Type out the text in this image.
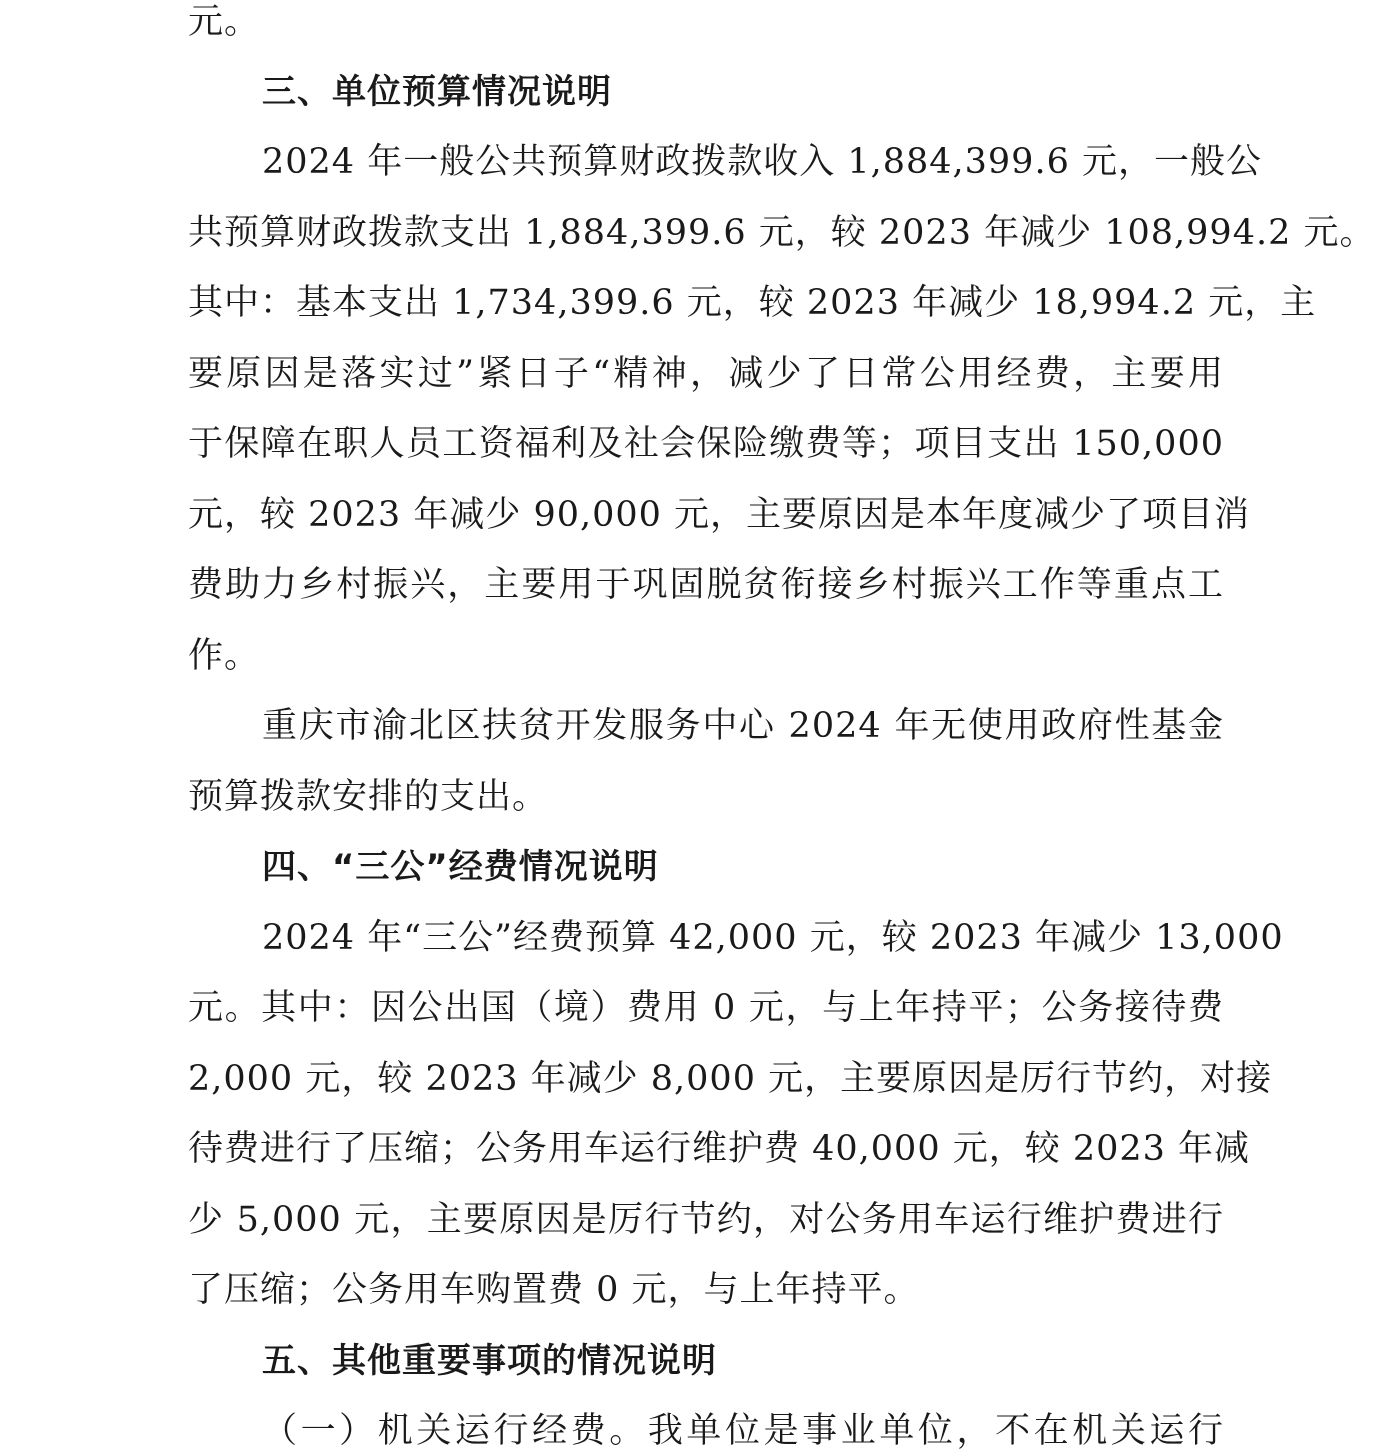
元。
三、单位预算情况说明
2024 年一般公共预算财政拨款收入 1,884,399.6 元，一般公
共预算财政拨款支出 1,884,399.6 元，较 2023 年减少 108,994.2 元。
其中：基本支出 1,734,399.6 元，较 2023 年减少 18,994.2 元，主
要原因是落实过”紧日子“精神，减少了日常公用经费，主要用
于保障在职人员工资福利及社会保险缴费等；项目支出 150,000
元，较 2023 年减少 90,000 元，主要原因是本年度减少了项目消
费助力乡村振兴，主要用于巩固脱贫衔接乡村振兴工作等重点工
作。
重庆市渝北区扶贫开发服务中心 2024 年无使用政府性基金
预算拨款安排的支出。
四、“三公”经费情况说明
2024 年“三公”经费预算 42,000 元，较 2023 年减少 13,000
元。其中：因公出国（境）费用 0 元，与上年持平；公务接待费
2,000 元，较 2023 年减少 8,000 元，主要原因是厉行节约，对接
待费进行了压缩；公务用车运行维护费 40,000 元，较 2023 年减
少 5,000 元，主要原因是厉行节约，对公务用车运行维护费进行
了压缩；公务用车购置费 0 元，与上年持平。
五、其他重要事项的情况说明
（一）机关运行经费。我单位是事业单位，不在机关运行
